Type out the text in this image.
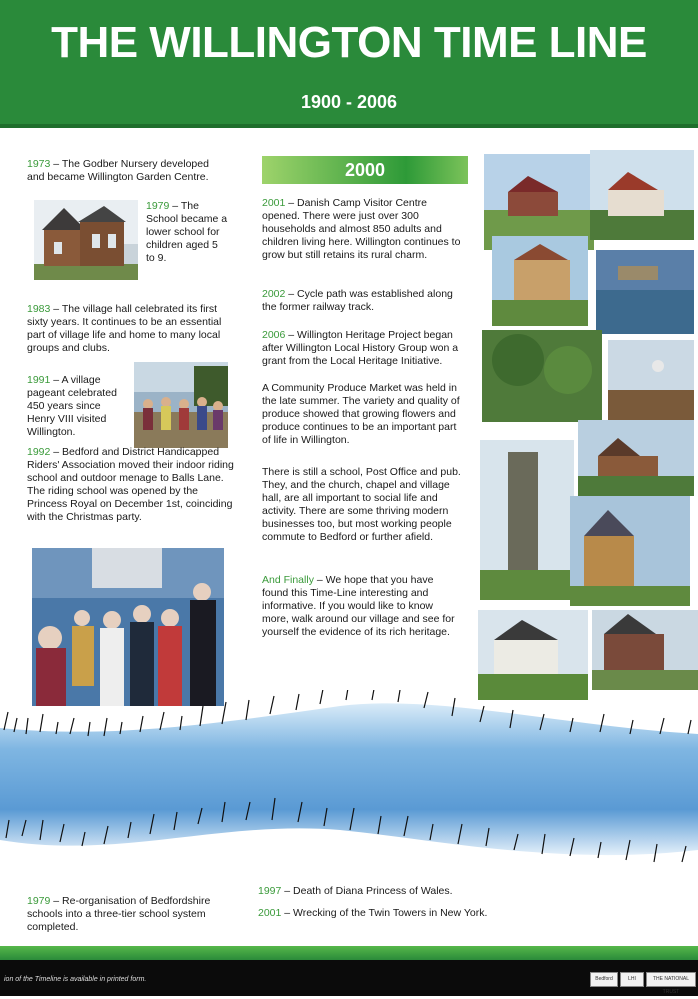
THE WILLINGTON TIME LINE
1900 - 2006
1973 – The Godber Nursery developed and became Willington Garden Centre.
1979 – The School became a lower school for children aged 5 to 9.
1983 – The village hall celebrated its first sixty years. It continues to be an essential part of village life and home to many local groups and clubs.
1991 – A village pageant celebrated 450 years since Henry VIII visited Willington.
1992 – Bedford and District Handicapped Riders' Association moved their indoor riding school and outdoor menage to Balls Lane. The riding school was opened by the Princess Royal on December 1st, coinciding with the Christmas party.
2000
2001 – Danish Camp Visitor Centre opened. There were just over 300 households and almost 850 adults and children living here. Willington continues to grow but still retains its rural charm.
2002 – Cycle path was established along the former railway track.
2006 – Willington Heritage Project began after Willington Local History Group won a grant from the Local Heritage Initiative.
A Community Produce Market was held in the late summer. The variety and quality of produce showed that growing flowers and produce continues to be an important part of life in Willington.
There is still a school, Post Office and pub. They, and the church, chapel and village hall, are all important to social life and activity. There are some thriving modern businesses too, but most working people commute to Bedford or further afield.
And Finally – We hope that you have found this Time-Line interesting and informative. If you would like to know more, walk around our village and see for yourself the evidence of its rich heritage.
1979 – Re-organisation of Bedfordshire schools into a three-tier school system completed.
1997 – Death of Diana Princess of Wales.
2001 – Wrecking of the Twin Towers in New York.
ion of the Timeline is available in printed form.	Bedford	LHI	THE NATIONAL TRUST
